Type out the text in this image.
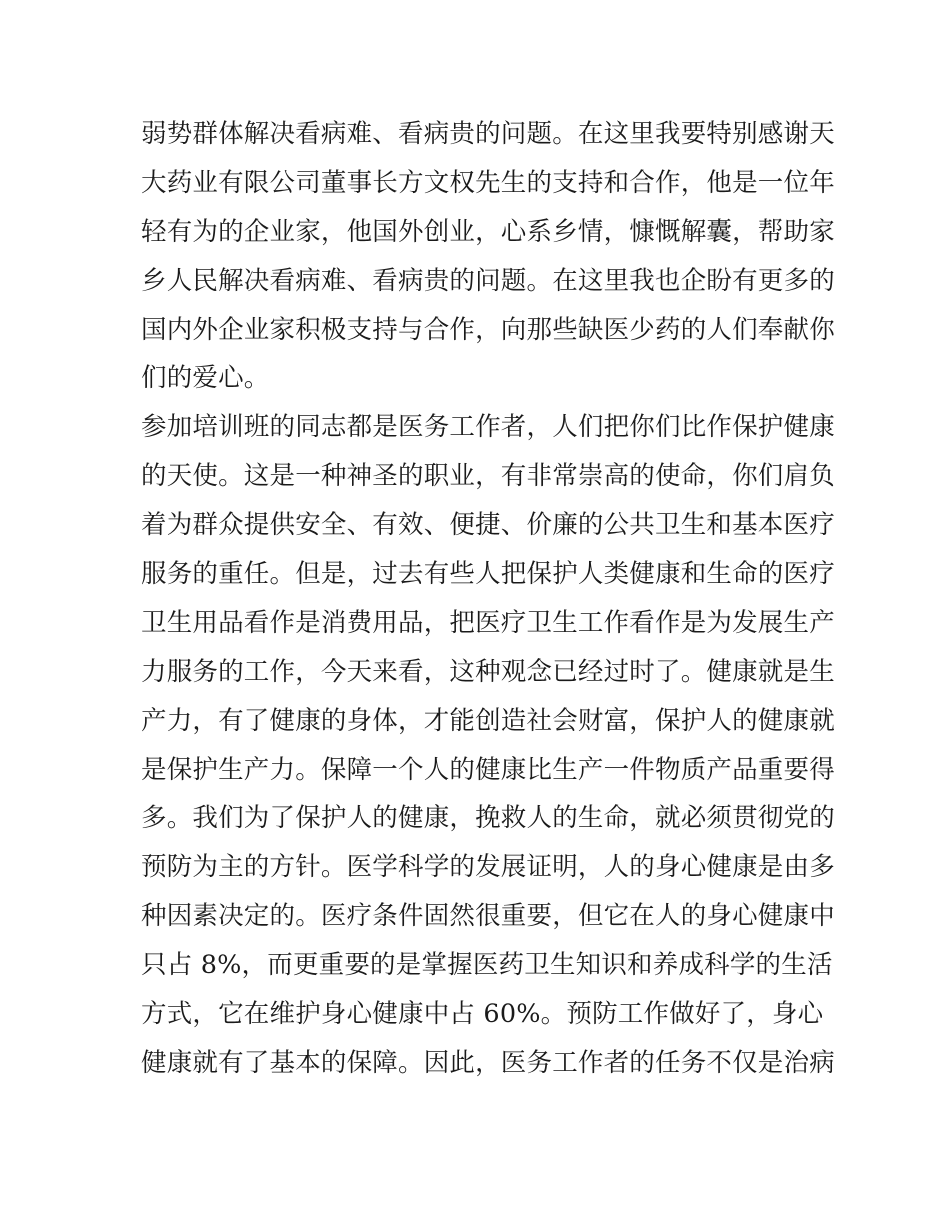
弱势群体解决看病难、看病贵的问题。在这里我要特别感谢天
大药业有限公司董事长方文权先生的支持和合作，他是一位年
轻有为的企业家，他国外创业，心系乡情，慷慨解囊，帮助家
乡人民解决看病难、看病贵的问题。在这里我也企盼有更多的
国内外企业家积极支持与合作，向那些缺医少药的人们奉献你
们的爱心。
参加培训班的同志都是医务工作者，人们把你们比作保护健康
的天使。这是一种神圣的职业，有非常崇高的使命，你们肩负
着为群众提供安全、有效、便捷、价廉的公共卫生和基本医疗
服务的重任。但是，过去有些人把保护人类健康和生命的医疗
卫生用品看作是消费用品，把医疗卫生工作看作是为发展生产
力服务的工作，今天来看，这种观念已经过时了。健康就是生
产力，有了健康的身体，才能创造社会财富，保护人的健康就
是保护生产力。保障一个人的健康比生产一件物质产品重要得
多。我们为了保护人的健康，挽救人的生命，就必须贯彻党的
预防为主的方针。医学科学的发展证明，人的身心健康是由多
种因素决定的。医疗条件固然很重要，但它在人的身心健康中
只占 8%，而更重要的是掌握医药卫生知识和养成科学的生活
方式，它在维护身心健康中占 60%。预防工作做好了，身心
健康就有了基本的保障。因此，医务工作者的任务不仅是治病
